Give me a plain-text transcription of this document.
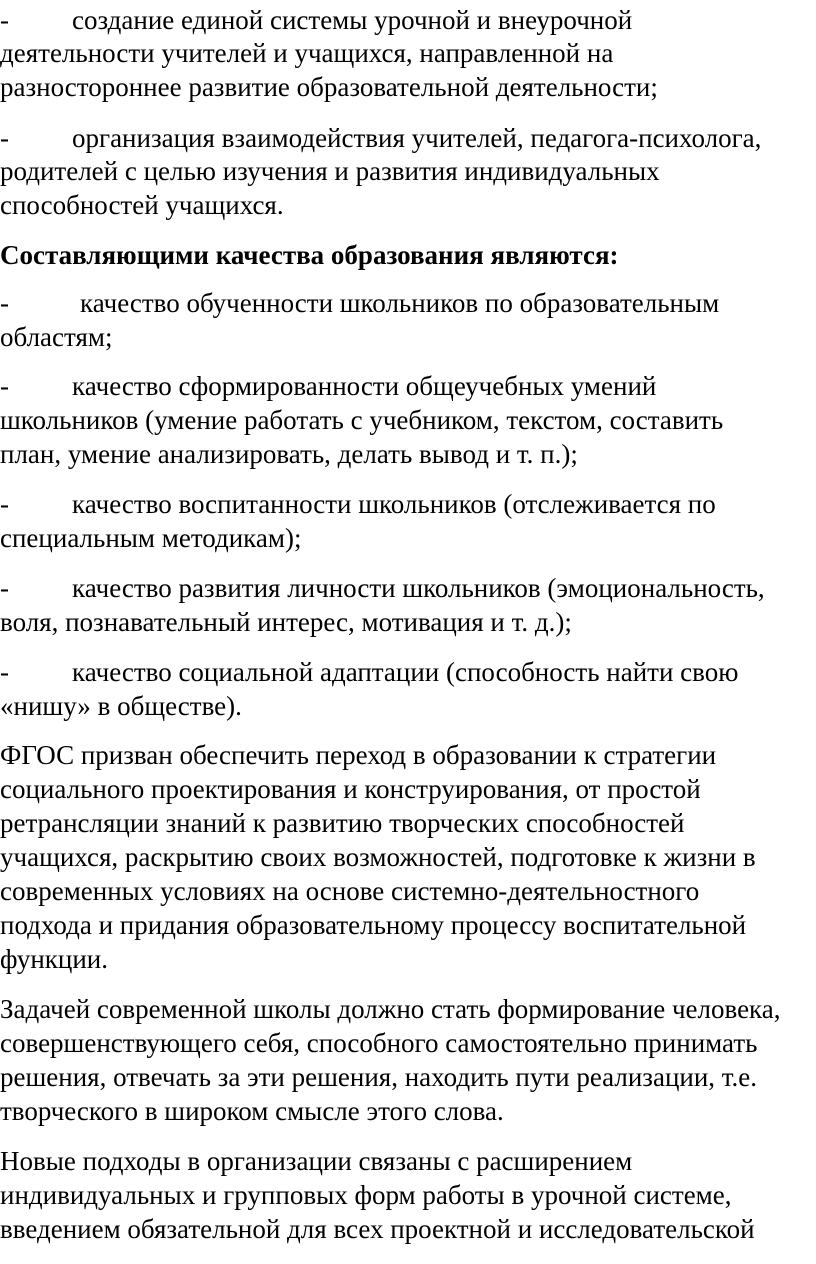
- создание единой системы урочной и внеурочной
деятельности учителей и учащихся, направленной на
разностороннее развитие образовательной деятельности;
- организация взаимодействия учителей, педагога-психолога,
родителей с целью изучения и развития индивидуальных
способностей учащихся.
Составляющими качества образования являются:
-	качество обученности школьников по образовательным
областям;
- качество сформированности общеучебных умений
школьников (умение работать с учебником, текстом, составить
план, умение анализировать, делать вывод и т. п.);
- качество воспитанности школьников (отслеживается по
специальным методикам);
- качество развития личности школьников (эмоциональность,
воля, познавательный интерес, мотивация и т. д.);
- качество социальной адаптации (способность найти свою
«нишу» в обществе).
ФГОС призван обеспечить переход в образовании к стратегии
социального проектирования и конструирования, от простой
ретрансляции знаний к развитию творческих способностей
учащихся, раскрытию своих возможностей, подготовке к жизни в
современных условиях на основе системно-деятельностного
подхода и придания образовательному процессу воспитательной
функции.
Задачей современной школы должно стать формирование человека,
совершенствующего себя, способного самостоятельно принимать
решения, отвечать за эти решения, находить пути реализации, т.е.
творческого в широком смысле этого слова.
Новые подходы в организации связаны с расширением
индивидуальных и групповых форм работы в урочной системе,
введением обязательной для всех проектной и исследовательской
